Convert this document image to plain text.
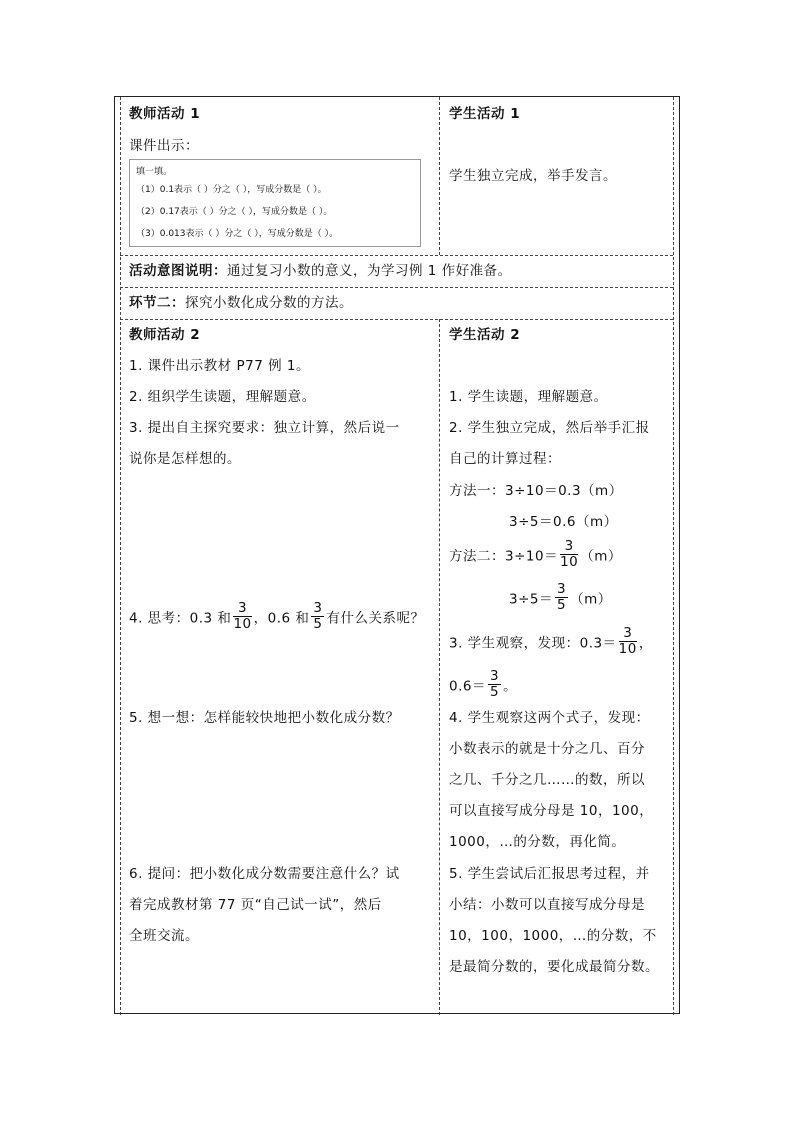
教师活动 1
课件出示：
填一填。
（1）0.1表示（ ）分之（ ），写成分数是（ ）。
（2）0.17表示（ ）分之（ ），写成分数是（ ）。
（3）0.013表示（ ）分之（ ），写成分数是（ ）。
学生活动 1
学生独立完成，举手发言。
活动意图说明：通过复习小数的意义，为学习例 1 作好准备。
环节二：探究小数化成分数的方法。
教师活动 2
1. 课件出示教材 P77 例 1。
2. 组织学生读题，理解题意。
3. 提出自主探究要求：独立计算，然后说一
说你是怎样想的。
4. 思考：0.3 和 $\frac{3}{10}$ ，0.6 和 $\frac{3}{5}$ 有什么关系呢？
5. 想一想：怎样能较快地把小数化成分数？
6. 提问：把小数化成分数需要注意什么？试
着完成教材第 77 页“自己试一试”，然后
全班交流。
学生活动 2
1. 学生读题，理解题意。
2. 学生独立完成，然后举手汇报
自己的计算过程：
方法一：3÷10＝0.3（m）
3÷5＝0.6（m）
方法二：$3\div 10= \frac{3}{10} (m)$
$3\div 5= \frac{3}{5} (m)$
3. 学生观察，发现：$0.3= \frac{3}{10}$ ，
$0.6= \frac{3}{5}$ 。
4. 学生观察这两个式子，发现：
小数表示的就是十分之几、百分
之几、千分之几……的数，所以
可以直接写成分母是 10，100，
1000，…的分数，再化简。
5. 学生尝试后汇报思考过程，并
小结：小数可以直接写成分母是
10，100，1000，…的分数，不
是最简分数的，要化成最简分数。
